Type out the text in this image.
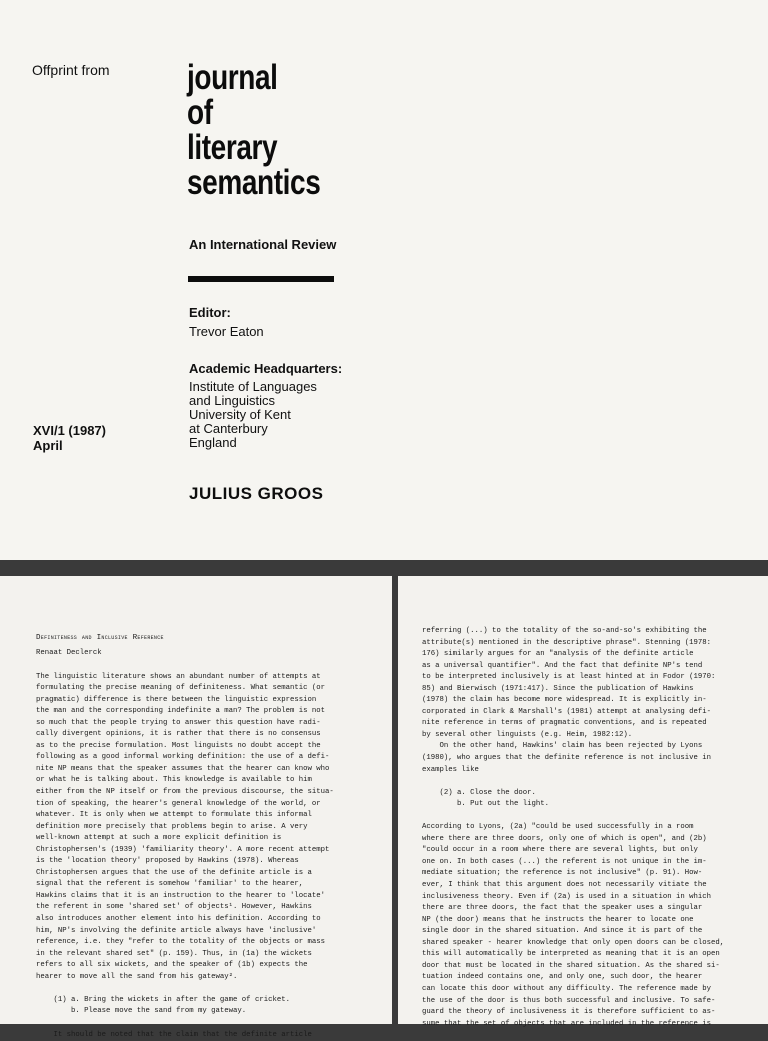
Offprint from journal
of
literary
semantics
An International Review
Editor:
Trevor Eaton
Academic Headquarters:
Institute of Languages
and Linguistics
University of Kent
at Canterbury
England
XVI/1 (1987)
April
JULIUS GROOS
Definiteness and Inclusive Reference
Renaat Declerck
The linguistic literature shows an abundant number of attempts at
formulating the precise meaning of definiteness. What semantic (or
pragmatic) difference is there between the linguistic expression
the man and the corresponding indefinite a man? The problem is not
so much that the people trying to answer this question have radi-
cally divergent opinions, it is rather that there is no consensus
as to the precise formulation. Most linguists no doubt accept the
following as a good informal working definition: the use of a defi-
nite NP means that the speaker assumes that the hearer can know who
or what he is talking about. This knowledge is available to him
either from the NP itself or from the previous discourse, the situa-
tion of speaking, the hearer's general knowledge of the world, or
whatever. It is only when we attempt to formulate this informal
definition more precisely that problems begin to arise. A very
well-known attempt at such a more explicit definition is
Christophersen's (1939) 'familiarity theory'. A more recent attempt
is the 'location theory' proposed by Hawkins (1978). Whereas
Christophersen argues that the use of the definite article is a
signal that the referent is somehow 'familiar' to the hearer,
Hawkins claims that it is an instruction to the hearer to 'locate'
the referent in some 'shared set' of objects¹. However, Hawkins
also introduces another element into his definition. According to
him, NP's involving the definite article always have 'inclusive'
reference, i.e. they "refer to the totality of the objects or mass
in the relevant shared set" (p. 159). Thus, in (1a) the wickets
refers to all six wickets, and the speaker of (1b) expects the
hearer to move all the sand from his gateway².
(1) a. Bring the wickets in after the game of cricket.
b. Please move the sand from my gateway.
It should be noted that the claim that the definite article
referring (...) to the totality of the so-and-so's exhibiting the
attribute(s) mentioned in the descriptive phrase". Stenning (1978:
176) similarly argues for an "analysis of the definite article
as a universal quantifier". And the fact that definite NP's tend
to be interpreted inclusively is at least hinted at in Fodor (1970:
85) and Bierwisch (1971:417). Since the publication of Hawkins
(1978) the claim has become more widespread. It is explicitly in-
corporated in Clark & Marshall's (1981) attempt at analysing defi-
nite reference in terms of pragmatic conventions, and is repeated
by several other linguists (e.g. Heim, 1982:12).
On the other hand, Hawkins' claim has been rejected by Lyons
(1980), who argues that the definite reference is not inclusive in
examples like
(2) a. Close the door.
b. Put out the light.
According to Lyons, (2a) "could be used successfully in a room
where there are three doors, only one of which is open", and (2b)
"could occur in a room where there are several lights, but only
one on. In both cases (...) the referent is not unique in the im-
mediate situation; the reference is not inclusive" (p. 91). How-
ever, I think that this argument does not necessarily vitiate the
inclusiveness theory. Even if (2a) is used in a situation in which
there are three doors, the fact that the speaker uses a singular
NP (the door) means that he instructs the hearer to locate one
single door in the shared situation. And since it is part of the
shared speaker - hearer knowledge that only open doors can be closed,
this will automatically be interpreted as meaning that it is an open
door that must be located in the shared situation. As the shared si-
tuation indeed contains one, and only one, such door, the hearer
can locate this door without any difficulty. The reference made by
the use of the door is thus both successful and inclusive. To safe-
guard the theory of inclusiveness it is therefore sufficient to as-
sume that the set of objects that are included in the reference is
